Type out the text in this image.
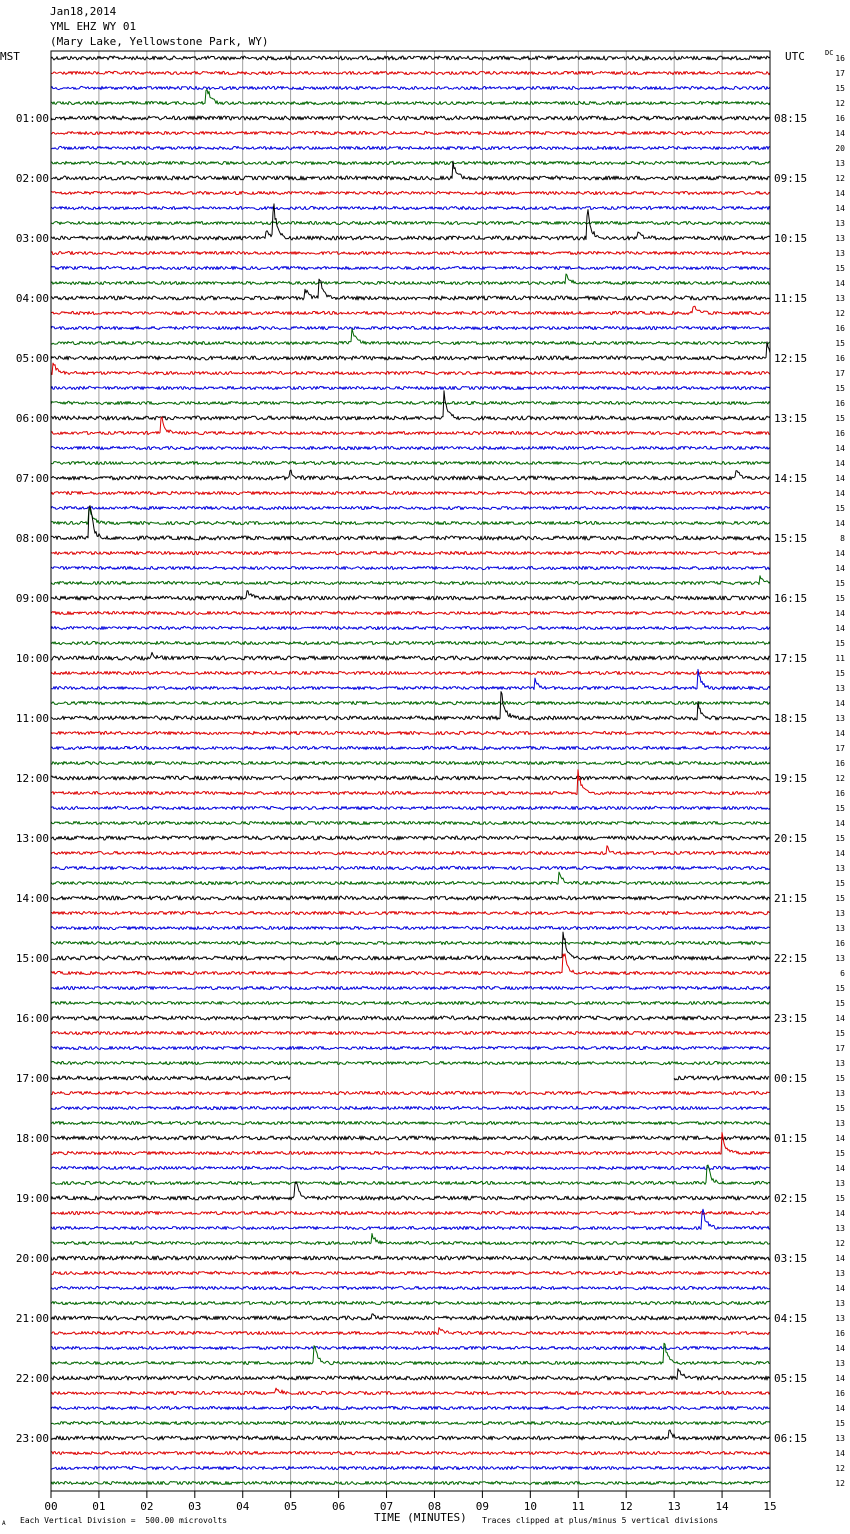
Jan18,2014
YML EHZ WY 01
(Mary Lake, Yellowstone Park, WY)
00	01	02	03	04	05	06	07	08	09	10	11	12	13	14	15
16
17
15
12
16
01:00	08:15
14
20
13
12
02:00	09:15
14
14
13
13
03:00	10:15
13
15
14
13
04:00	11:15
12
16
15
16
05:00	12:15
17
15
16
15
06:00	13:15
16
14
14
14
07:00	14:15
14
15
14
8
08:00	15:15
14
14
15
15
09:00	16:15
14
14
15
11
10:00	17:15
15
13
14
13
11:00	18:15
14
17
16
12
12:00	19:15
16
15
14
15
13:00	20:15
14
13
15
15
14:00	21:15
13
13
16
13
15:00	22:15
6
15
15
14
16:00	23:15
15
17
13
15
17:00	00:15
13
15
13
14
18:00	01:15
15
14
13
15
19:00	02:15
14
13
12
14
20:00	03:15
13
14
13
13
21:00	04:15
16
14
13
14
22:00	05:15
16
14
15
13
23:00	06:15
14
12
12
MST	UTC	DC
TIME (MINUTES)
Each Vertical Division =  500.00 microvolts	Traces clipped at plus/minus 5 vertical divisions
A
